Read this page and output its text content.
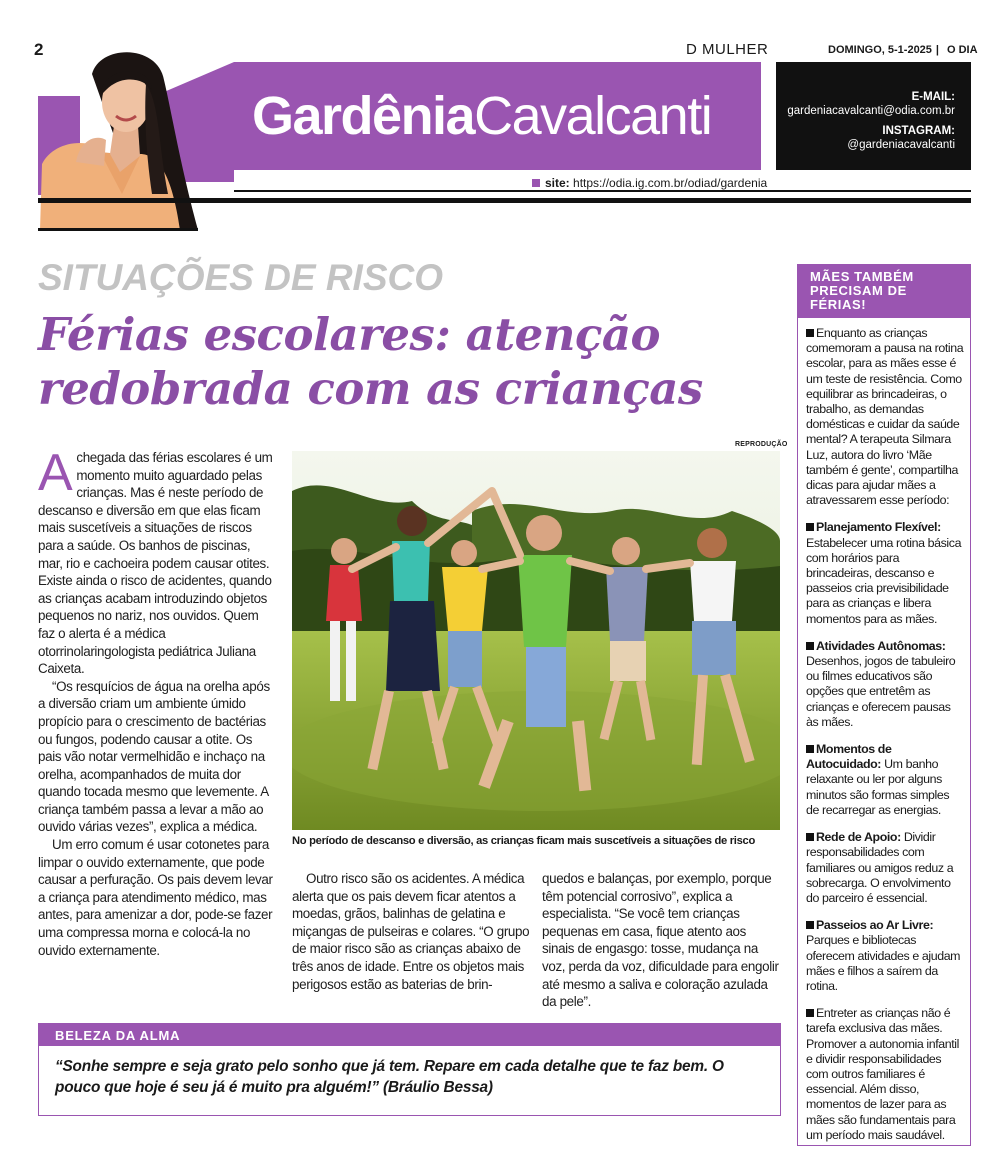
2	D MULHER	DOMINGO, 5-1-2025 | O DIA
Gardênia Cavalcanti	E-MAIL:
gardeniacavalcanti@odia.com.br
INSTAGRAM:
@gardeniacavalcanti
site: https://odia.ig.com.br/odiad/gardenia
SITUAÇÕES DE RISCO
Férias escolares: atenção redobrada com as crianças

Achegada das férias escolares é um momento muito aguardado pelas crianças. Mas é neste período de descanso e diversão em que elas ficam mais suscetíveis a situações de riscos para a saúde. Os banhos de piscinas, mar, rio e cachoeira podem causar otites. Existe ainda o risco de acidentes, quando as crianças acabam introduzindo objetos pequenos no nariz, nos ouvidos. Quem faz o alerta é a médica otorrinolaringologista pediátrica Juliana Caixeta.

“Os resquícios de água na orelha após a diversão criam um ambiente úmido propício para o crescimento de bactérias ou fungos, podendo causar a otite. Os pais vão notar vermelhidão e inchaço na orelha, acompanhados de muita dor quando tocada mesmo que levemente. A criança também passa a levar a mão ao ouvido várias vezes”, explica a médica.

Um erro comum é usar cotonetes para limpar o ouvido externamente, que pode causar a perfuração. Os pais devem levar a criança para atendimento médico, mas antes, para amenizar a dor, pode-se fazer uma compressa morna e colocá-la no ouvido externamente.

REPRODUÇÃO
No período de descanso e diversão, as crianças ficam mais suscetíveis a situações de risco

Outro risco são os acidentes. A médica alerta que os pais devem ficar atentos a moedas, grãos, balinhas de gelatina e miçangas de pulseiras e colares. “O grupo de maior risco são as crianças abaixo de três anos de idade. Entre os objetos mais perigosos estão as baterias de brin-

quedos e balanças, por exemplo, porque têm potencial corrosivo”, explica a especialista. “Se você tem crianças pequenas em casa, fique atento aos sinais de engasgo: tosse, mudança na voz, perda da voz, dificuldade para engolir até mesmo a saliva e coloração azulada da pele”.

MÃES TAMBÉM PRECISAM DE FÉRIAS!
Enquanto as crianças comemoram a pausa na rotina escolar, para as mães esse é um teste de resistência. Como equilibrar as brincadeiras, o trabalho, as demandas domésticas e cuidar da saúde mental? A terapeuta Silmara Luz, autora do livro ‘Mãe também é gente’, compartilha dicas para ajudar mães a atravessarem esse período:
Planejamento Flexível: Estabelecer uma rotina básica com horários para brincadeiras, descanso e passeios cria previsibilidade para as crianças e libera momentos para as mães.
Atividades Autônomas: Desenhos, jogos de tabuleiro ou filmes educativos são opções que entretêm as crianças e oferecem pausas às mães.
Momentos de Autocuidado: Um banho relaxante ou ler por alguns minutos são formas simples de recarregar as energias.
Rede de Apoio: Dividir responsabilidades com familiares ou amigos reduz a sobrecarga. O envolvimento do parceiro é essencial.
Passeios ao Ar Livre: Parques e bibliotecas oferecem atividades e ajudam mães e filhos a saírem da rotina.
Entreter as crianças não é tarefa exclusiva das mães. Promover a autonomia infantil e dividir responsabilidades com outros familiares é essencial. Além disso, momentos de lazer para as mães são fundamentais para um período mais saudável.
BELEZA DA ALMA
“Sonhe sempre e seja grato pelo sonho que já tem. Repare em cada detalhe que te faz bem. O pouco que hoje é seu já é muito pra alguém!” (Bráulio Bessa)
